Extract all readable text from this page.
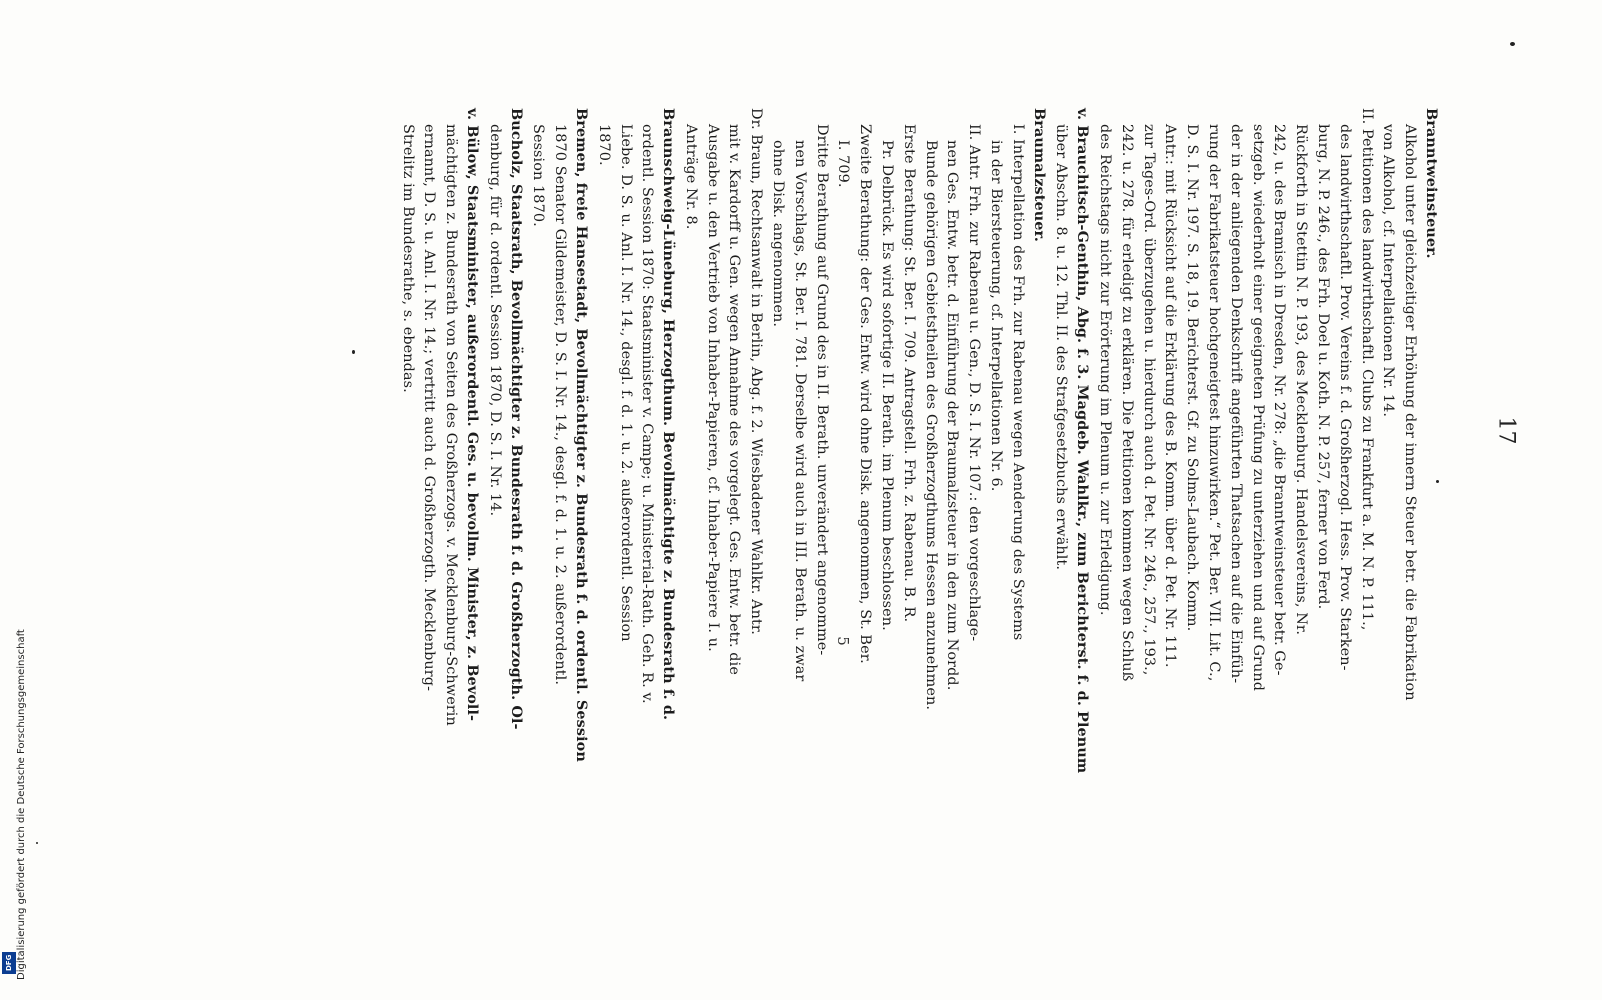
17
Branntweinsteuer.
Alkohol unter gleichzeitiger Erhöhung der innern Steuer betr. die Fabrikation
von Alkohol, cf. Interpellationen Nr. 14.
II. Petitionen des landwirthschaftl. Clubs zu Frankfurt a. M. N. P. 111.,
des landwirthschaftl. Prov. Vereins f. d. Großherzogl. Hess. Prov. Starken-
burg, N. P. 246., des Frh. Doel u. Koth. N. P. 257, ferner von Ferd.
Rückforth in Stettin N. P. 193, des Mecklenburg. Handelsvereins, Nr.
242, u. des Bramisch in Dresden, Nr. 278: „die Branntweinsteuer betr. Ge-
setzgeb. wiederholt einer geeigneten Prüfung zu unterziehen und auf Grund
der in der anliegenden Denkschrift angeführten Thatsachen auf die Einfüh-
rung der Fabrikatsteuer hochgeneigtest hinzuwirken.“ Pet. Ber. VII. Lit. C.,
D. S. I. Nr. 197. S. 18, 19. Berichterst. Gf. zu Solms-Laubach. Komm.
Antr.: mit Rücksicht auf die Erklärung des B. Komm. über d. Pet. Nr. 111.
zur Tages-Ord. überzugehen u. hierdurch auch d. Pet. Nr. 246., 257., 193.,
242. u. 278. für erledigt zu erklären. Die Petitionen kommen wegen Schluß
des Reichstags nicht zur Erörterung im Plenum u. zur Erledigung.
v. Brauchitsch-Genthin, Abg. f. 3. Magdeb. Wahlkr., zum Berichterst. f. d. Plenum
über Abschn. 8. u. 12. Thl. II. des Strafgesetzbuchs erwählt.
Braumalzsteuer.
I. Interpellation des Frh. zur Rabenau wegen Aenderung des Systems
in der Biersteuerung, cf. Interpellationen Nr. 6.
II. Antr. Frh. zur Rabenau u. Gen., D. S. I. Nr. 107.: den vorgeschlage-
nen Ges. Entw. betr. d. Einführung der Braumalzsteuer in den zum Nordd.
Bunde gehörigen Gebietstheilen des Großherzogthums Hessen anzunehmen.
Erste Berathung: St. Ber. I. 709. Antragstell. Frh. z. Rabenau. B. R.
Pr. Delbrück. Es wird sofortige II. Berath. im Plenum beschlossen.
Zweite Berathung: der Ges. Entw. wird ohne Disk. angenommen, St. Ber.
I. 709.
Dritte Berathung auf Grund des in II. Berath. unverändert angenomme-
nen Vorschlags, St. Ber. I. 781. Derselbe wird auch in III. Berath. u. zwar
ohne Disk. angenommen.
Dr. Braun, Rechtsanwalt in Berlin, Abg. f. 2. Wiesbadener Wahlkr. Antr.
mit v. Kardorff u. Gen. wegen Annahme des vorgelegt. Ges. Entw. betr. die
Ausgabe u. den Vertrieb von Inhaber-Papieren, cf. Inhaber-Papiere I. u.
Anträge Nr. 8.
Braunschweig-Lüneburg, Herzogthum. Bevollmächtigte z. Bundesrath f. d.
ordentl. Session 1870: Staatsminister v. Campe; u. Ministerial-Rath. Geh. R. v.
Liebe. D. S. u. Anl. I. Nr. 14., desgl. f. d. 1. u. 2. außerordentl. Session
1870.
Bremen, freie Hansestadt, Bevollmächtigter z. Bundesrath f. d. ordentl. Session
1870 Senator Gildemeister, D. S. I. Nr. 14., desgl. f. d. 1. u. 2. außerordentl.
Session 1870.
Bucholz, Staatsrath, Bevollmächtigter z. Bundesrath f. d. Großherzogth. Ol-
denburg, für d. ordentl. Session 1870, D. S. I. Nr. 14.
v. Bülow, Staatsminister, außerordentl. Ges. u. bevollm. Minister, z. Bevoll-
mächtigten z. Bundesrath von Seiten des Großherzogs. v. Mecklenburg-Schwerin
ernannt, D. S. u. Anl. I. Nr. 14.; vertritt auch d. Großherzogth. Mecklenburg-
Strelitz im Bundesrathe, s. ebendas.
5
Digitalisierung gefördert durch die Deutsche Forschungsgemeinschaft
DFG
